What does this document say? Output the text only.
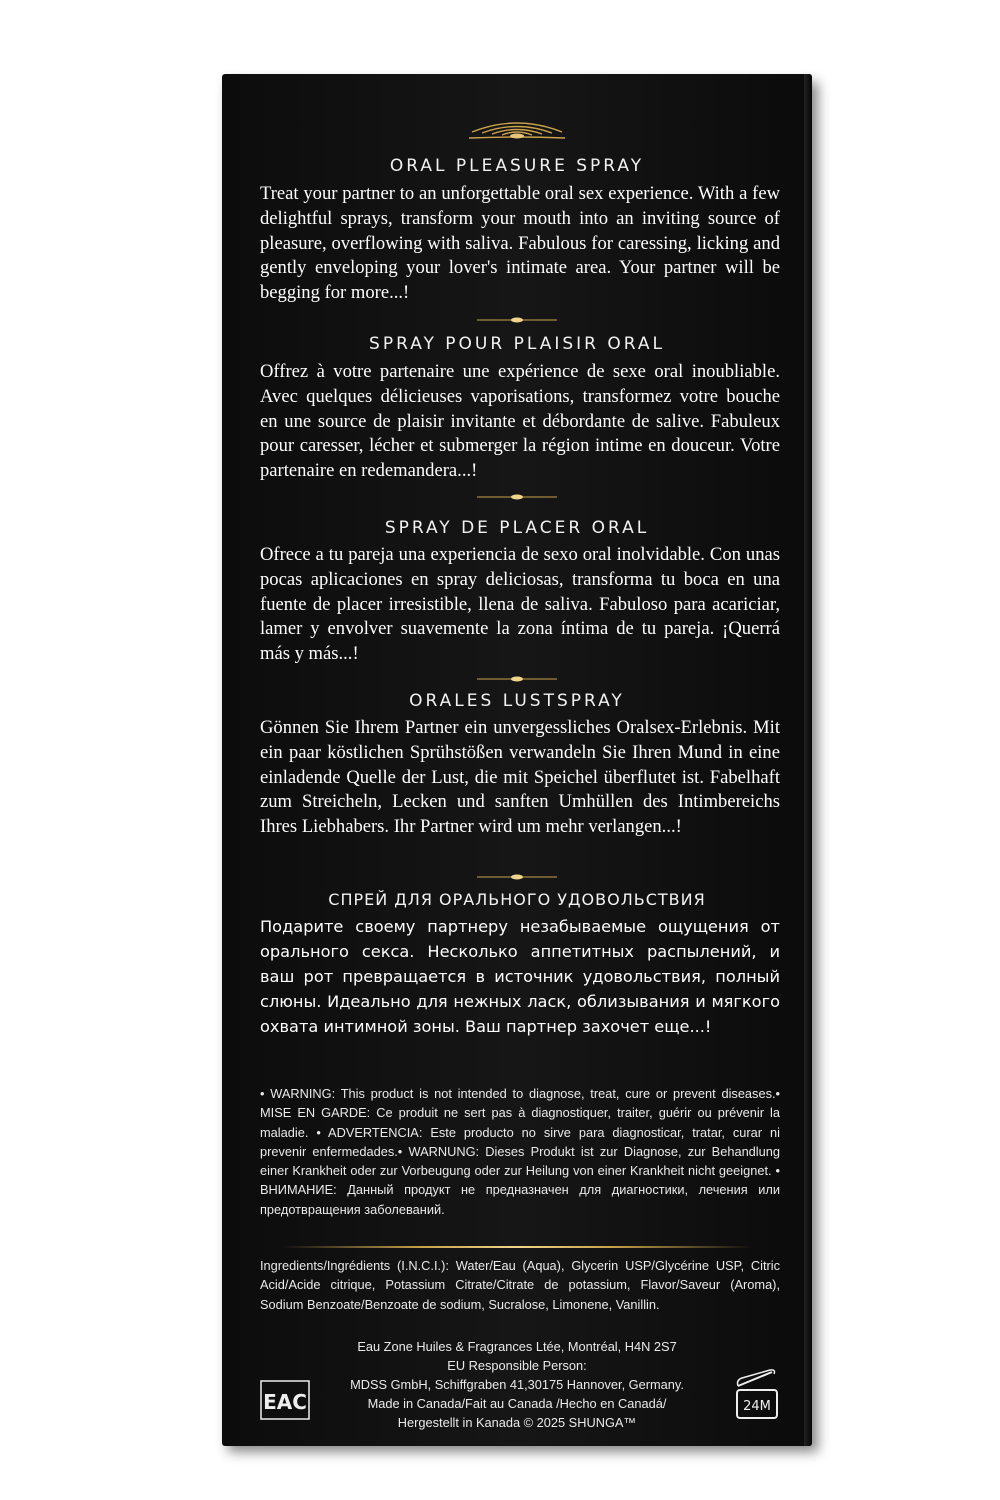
ORAL PLEASURE SPRAY
Treat your partner to an unforgettable oral sex experience. With a few delightful sprays, transform your mouth into an inviting source of pleasure, overflowing with saliva. Fabulous for caressing, licking and gently enveloping your lover's intimate area. Your partner will be begging for more...!
SPRAY POUR PLAISIR ORAL
Offrez à votre partenaire une expérience de sexe oral inoubliable. Avec quelques délicieuses vaporisations, transformez votre bouche en une source de plaisir invitante et débordante de salive. Fabuleux pour caresser, lécher et submerger la région intime en douceur. Votre partenaire en redemandera...!
SPRAY DE PLACER ORAL
Ofrece a tu pareja una experiencia de sexo oral inolvidable. Con unas pocas aplicaciones en spray deliciosas, transforma tu boca en una fuente de placer irresistible, llena de saliva. Fabuloso para acariciar, lamer y envolver suavemente la zona íntima de tu pareja. ¡Querrá más y más...!
ORALES LUSTSPRAY
Gönnen Sie Ihrem Partner ein unvergessliches Oralsex-Erlebnis. Mit ein paar köstlichen Sprühstößen verwandeln Sie Ihren Mund in eine einladende Quelle der Lust, die mit Speichel überflutet ist. Fabelhaft zum Streicheln, Lecken und sanften Umhüllen des Intimbereichs Ihres Liebhabers. Ihr Partner wird um mehr verlangen...!
СПРЕЙ ДЛЯ ОРАЛЬНОГО УДОВОЛЬСТВИЯ
Подарите своему партнеру незабываемые ощущения от орального секса. Несколько аппетитных распылений, и ваш рот превращается в источник удовольствия, полный слюны. Идеально для нежных ласк, облизывания и мягкого охвата интимной зоны. Ваш партнер захочет еще...!
• WARNING: This product is not intended to diagnose, treat, cure or prevent diseases.• MISE EN GARDE: Ce produit ne sert pas à diagnostiquer, traiter, guérir ou prévenir la maladie. • ADVERTENCIA: Este producto no sirve para diagnosticar, tratar, curar ni prevenir enfermedades.• WARNUNG: Dieses Produkt ist zur Diagnose, zur Behandlung einer Krankheit oder zur Vorbeugung oder zur Heilung von einer Krankheit nicht geeignet. • ВНИМАНИЕ: Данный продукт не предназначен для диагностики, лечения или предотвращения заболеваний.
Ingredients/Ingrédients (I.N.C.I.): Water/Eau (Aqua), Glycerin USP/Glycérine USP, Citric Acid/Acide citrique, Potassium Citrate/Citrate de potassium, Flavor/Saveur (Aroma), Sodium Benzoate/Benzoate de sodium, Sucralose, Limonene, Vanillin.
Eau Zone Huiles & Fragrances Ltée, Montréal, H4N 2S7
EU Responsible Person:
MDSS GmbH, Schiffgraben 41,30175 Hannover, Germany.
Made in Canada/Fait au Canada /Hecho en Canadá/
Hergestellt in Kanada © 2025 SHUNGA™
EAC	24M
